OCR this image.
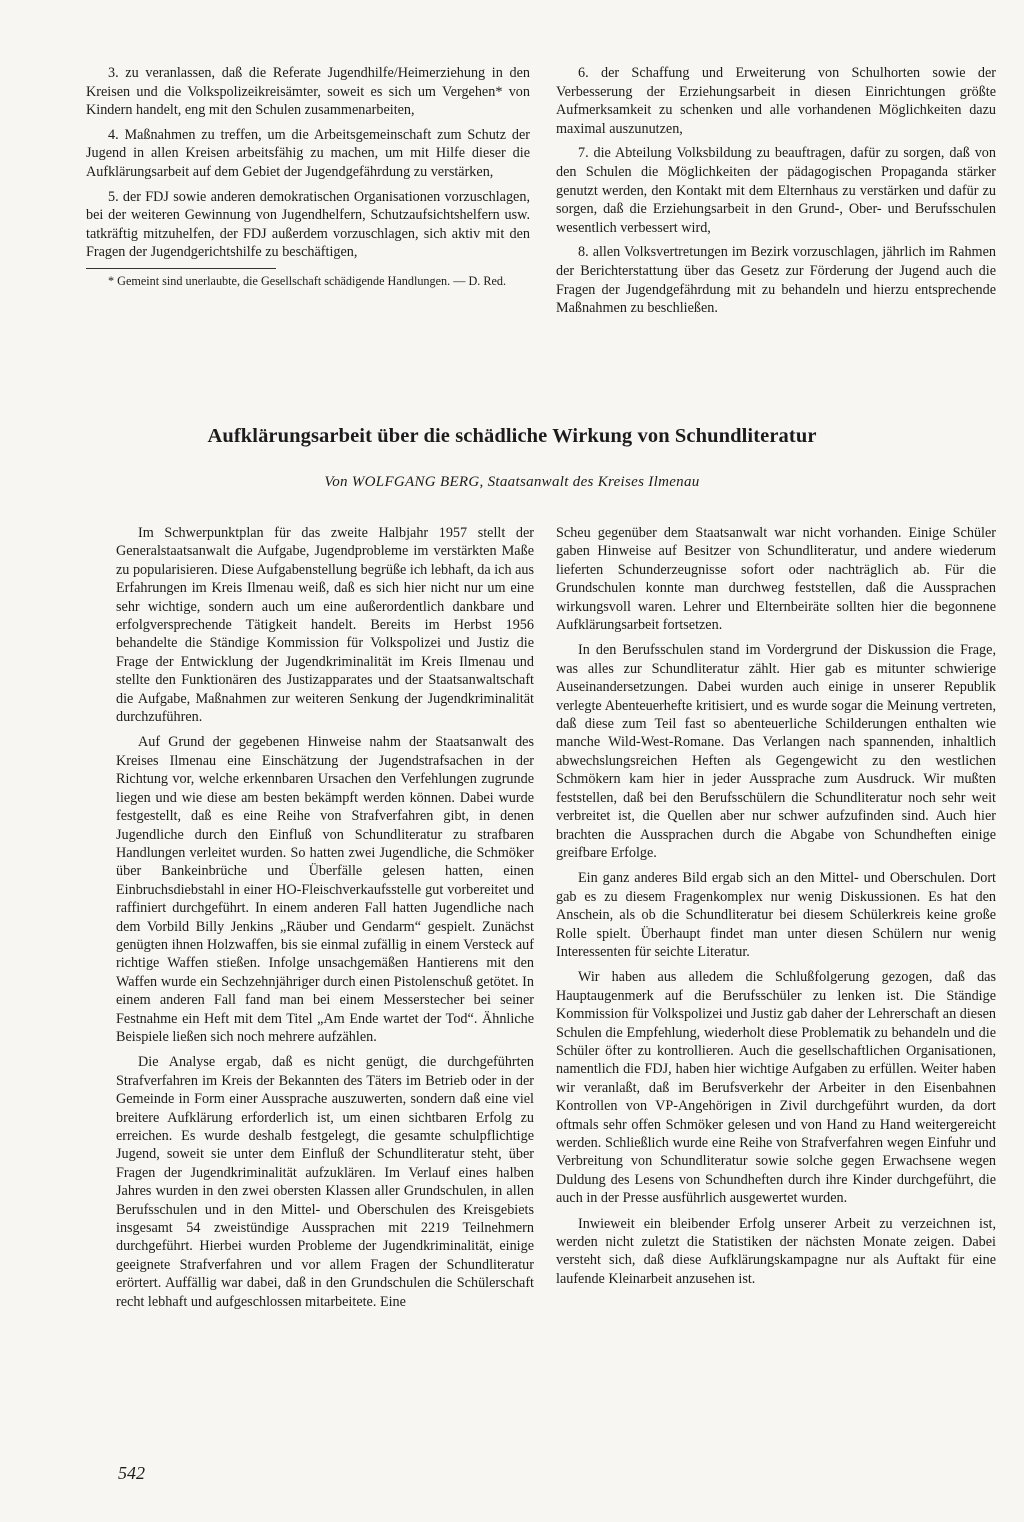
3. zu veranlassen, daß die Referate Jugendhilfe/Heimerziehung in den Kreisen und die Volkspolizeikreisämter, soweit es sich um Vergehen* von Kindern handelt, eng mit den Schulen zusammenarbeiten,

4. Maßnahmen zu treffen, um die Arbeitsgemeinschaft zum Schutz der Jugend in allen Kreisen arbeitsfähig zu machen, um mit Hilfe dieser die Aufklärungsarbeit auf dem Gebiet der Jugendgefährdung zu verstärken,

5. der FDJ sowie anderen demokratischen Organisationen vorzuschlagen, bei der weiteren Gewinnung von Jugendhelfern, Schutzaufsichtshelfern usw. tatkräftig mitzuhelfen, der FDJ außerdem vorzuschlagen, sich aktiv mit den Fragen der Jugendgerichtshilfe zu beschäftigen,

* Gemeint sind unerlaubte, die Gesellschaft schädigende Handlungen. — D. Red.

6. der Schaffung und Erweiterung von Schulhorten sowie der Verbesserung der Erziehungsarbeit in diesen Einrichtungen größte Aufmerksamkeit zu schenken und alle vorhandenen Möglichkeiten dazu maximal auszunutzen,

7. die Abteilung Volksbildung zu beauftragen, dafür zu sorgen, daß von den Schulen die Möglichkeiten der pädagogischen Propaganda stärker genutzt werden, den Kontakt mit dem Elternhaus zu verstärken und dafür zu sorgen, daß die Erziehungsarbeit in den Grund-, Ober- und Berufsschulen wesentlich verbessert wird,

8. allen Volksvertretungen im Bezirk vorzuschlagen, jährlich im Rahmen der Berichterstattung über das Gesetz zur Förderung der Jugend auch die Fragen der Jugendgefährdung mit zu behandeln und hierzu entsprechende Maßnahmen zu beschließen.

Aufklärungsarbeit über die schädliche Wirkung von Schundliteratur
Von WOLFGANG BERG, Staatsanwalt des Kreises Ilmenau

Im Schwerpunktplan für das zweite Halbjahr 1957 stellt der Generalstaatsanwalt die Aufgabe, Jugendprobleme im verstärkten Maße zu popularisieren. Diese Aufgabenstellung begrüße ich lebhaft, da ich aus Erfahrungen im Kreis Ilmenau weiß, daß es sich hier nicht nur um eine sehr wichtige, sondern auch um eine außerordentlich dankbare und erfolgversprechende Tätigkeit handelt. Bereits im Herbst 1956 behandelte die Ständige Kommission für Volkspolizei und Justiz die Frage der Entwicklung der Jugendkriminalität im Kreis Ilmenau und stellte den Funktionären des Justizapparates und der Staatsanwaltschaft die Aufgabe, Maßnahmen zur weiteren Senkung der Jugendkriminalität durchzuführen.

Auf Grund der gegebenen Hinweise nahm der Staatsanwalt des Kreises Ilmenau eine Einschätzung der Jugendstrafsachen in der Richtung vor, welche erkennbaren Ursachen den Verfehlungen zugrunde liegen und wie diese am besten bekämpft werden können. Dabei wurde festgestellt, daß es eine Reihe von Strafverfahren gibt, in denen Jugendliche durch den Einfluß von Schundliteratur zu strafbaren Handlungen verleitet wurden. So hatten zwei Jugendliche, die Schmöker über Bankeinbrüche und Überfälle gelesen hatten, einen Einbruchsdiebstahl in einer HO-Fleischverkaufsstelle gut vorbereitet und raffiniert durchgeführt. In einem anderen Fall hatten Jugendliche nach dem Vorbild Billy Jenkins „Räuber und Gendarm“ gespielt. Zunächst genügten ihnen Holzwaffen, bis sie einmal zufällig in einem Versteck auf richtige Waffen stießen. Infolge unsachgemäßen Hantierens mit den Waffen wurde ein Sechzehnjähriger durch einen Pistolenschuß getötet. In einem anderen Fall fand man bei einem Messerstecher bei seiner Festnahme ein Heft mit dem Titel „Am Ende wartet der Tod“. Ähnliche Beispiele ließen sich noch mehrere aufzählen.

Die Analyse ergab, daß es nicht genügt, die durchgeführten Strafverfahren im Kreis der Bekannten des Täters im Betrieb oder in der Gemeinde in Form einer Aussprache auszuwerten, sondern daß eine viel breitere Aufklärung erforderlich ist, um einen sichtbaren Erfolg zu erreichen. Es wurde deshalb festgelegt, die gesamte schulpflichtige Jugend, soweit sie unter dem Einfluß der Schundliteratur steht, über Fragen der Jugendkriminalität aufzuklären. Im Verlauf eines halben Jahres wurden in den zwei obersten Klassen aller Grundschulen, in allen Berufsschulen und in den Mittel- und Oberschulen des Kreisgebiets insgesamt 54 zweistündige Aussprachen mit 2219 Teilnehmern durchgeführt. Hierbei wurden Probleme der Jugendkriminalität, einige geeignete Strafverfahren und vor allem Fragen der Schundliteratur erörtert. Auffällig war dabei, daß in den Grundschulen die Schülerschaft recht lebhaft und aufgeschlossen mitarbeitete. Eine

Scheu gegenüber dem Staatsanwalt war nicht vorhanden. Einige Schüler gaben Hinweise auf Besitzer von Schundliteratur, und andere wiederum lieferten Schunderzeugnisse sofort oder nachträglich ab. Für die Grundschulen konnte man durchweg feststellen, daß die Aussprachen wirkungsvoll waren. Lehrer und Elternbeiräte sollten hier die begonnene Aufklärungsarbeit fortsetzen.

In den Berufsschulen stand im Vordergrund der Diskussion die Frage, was alles zur Schundliteratur zählt. Hier gab es mitunter schwierige Auseinandersetzungen. Dabei wurden auch einige in unserer Republik verlegte Abenteuerhefte kritisiert, und es wurde sogar die Meinung vertreten, daß diese zum Teil fast so abenteuerliche Schilderungen enthalten wie manche Wild-West-Romane. Das Verlangen nach spannenden, inhaltlich abwechslungsreichen Heften als Gegengewicht zu den westlichen Schmökern kam hier in jeder Aussprache zum Ausdruck. Wir mußten feststellen, daß bei den Berufsschülern die Schundliteratur noch sehr weit verbreitet ist, die Quellen aber nur schwer aufzufinden sind. Auch hier brachten die Aussprachen durch die Abgabe von Schundheften einige greifbare Erfolge.

Ein ganz anderes Bild ergab sich an den Mittel- und Oberschulen. Dort gab es zu diesem Fragenkomplex nur wenig Diskussionen. Es hat den Anschein, als ob die Schundliteratur bei diesem Schülerkreis keine große Rolle spielt. Überhaupt findet man unter diesen Schülern nur wenig Interessenten für seichte Literatur.

Wir haben aus alledem die Schlußfolgerung gezogen, daß das Hauptaugenmerk auf die Berufsschüler zu lenken ist. Die Ständige Kommission für Volkspolizei und Justiz gab daher der Lehrerschaft an diesen Schulen die Empfehlung, wiederholt diese Problematik zu behandeln und die Schüler öfter zu kontrollieren. Auch die gesellschaftlichen Organisationen, namentlich die FDJ, haben hier wichtige Aufgaben zu erfüllen. Weiter haben wir veranlaßt, daß im Berufsverkehr der Arbeiter in den Eisenbahnen Kontrollen von VP-Angehörigen in Zivil durchgeführt wurden, da dort oftmals sehr offen Schmöker gelesen und von Hand zu Hand weitergereicht werden. Schließlich wurde eine Reihe von Strafverfahren wegen Einfuhr und Verbreitung von Schundliteratur sowie solche gegen Erwachsene wegen Duldung des Lesens von Schundheften durch ihre Kinder durchgeführt, die auch in der Presse ausführlich ausgewertet wurden.

Inwieweit ein bleibender Erfolg unserer Arbeit zu verzeichnen ist, werden nicht zuletzt die Statistiken der nächsten Monate zeigen. Dabei versteht sich, daß diese Aufklärungskampagne nur als Auftakt für eine laufende Kleinarbeit anzusehen ist.

542
